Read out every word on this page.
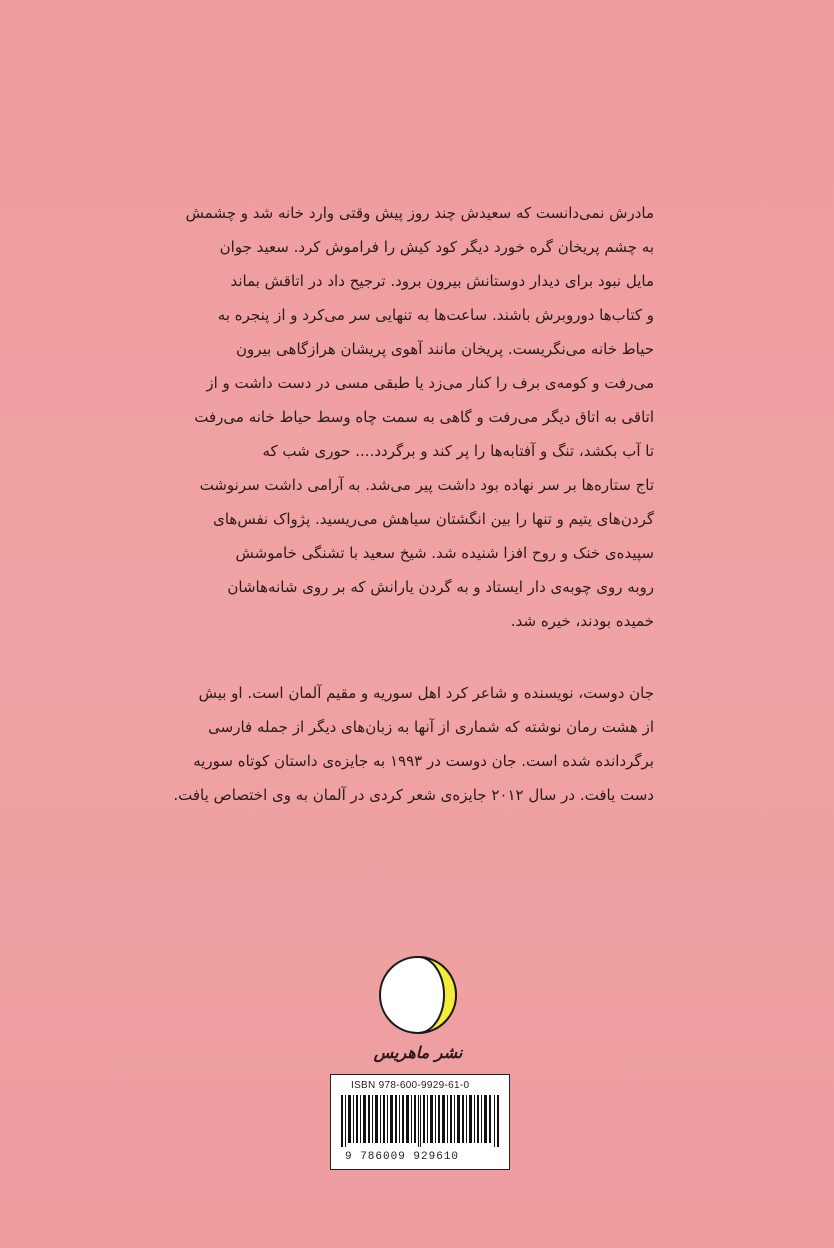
مادرش نمی‌دانست که سعیدش چند روز پیش وقتی وارد خانه شد و چشمش

به چشم پریخان گره خورد دیگر کود کیش را فراموش کرد. سعید جوان

مایل نبود برای دیدار دوستانش بیرون برود. ترجیح داد در اتاقش بماند

و کتاب‌ها دوروبرش باشند. ساعت‌ها به تنهایی سر می‌کرد و از پنجره به

حیاط خانه می‌نگریست. پریخان مانند آهوی پریشان هرازگاهی بیرون

می‌رفت و کومه‌ی برف را کنار می‌زد یا طبقی مسی در دست داشت و از

اتاقی به اتاق دیگر می‌رفت و گاهی به سمت چاه وسط حیاط خانه می‌رفت

تا آب بکشد، تنگ و آفتابه‌ها را پر کند و برگردد.... حوری شب که

تاج ستاره‌ها بر سر نهاده بود داشت پیر می‌شد. به آرامی داشت سرنوشت

گردن‌های یتیم و تنها را بین انگشتان سیاهش می‌ریسید. پژواک نفس‌های

سپیده‌ی خنک و روح افزا شنیده شد. شیخ سعید با تشنگی خاموشش

روبه روی چوبه‌ی دار ایستاد و به گردن یارانش که بر روی شانه‌هاشان

خمیده بودند، خیره شد.

جان دوست، نویسنده و شاعر کرد اهل سوریه و مقیم آلمان است. او بیش

از هشت رمان نوشته که شماری از آنها به زبان‌های دیگر از جمله فارسی

برگردانده شده است. جان دوست در ۱۹۹۳ به جایزه‌ی داستان کوتاه سوریه

دست یافت. در سال ۲۰۱۲ جایزه‌ی شعر کردی در آلمان به وی اختصاص یافت.

نشر ماهریس
ISBN 978-600-9929-61-0
9 786009 929610
